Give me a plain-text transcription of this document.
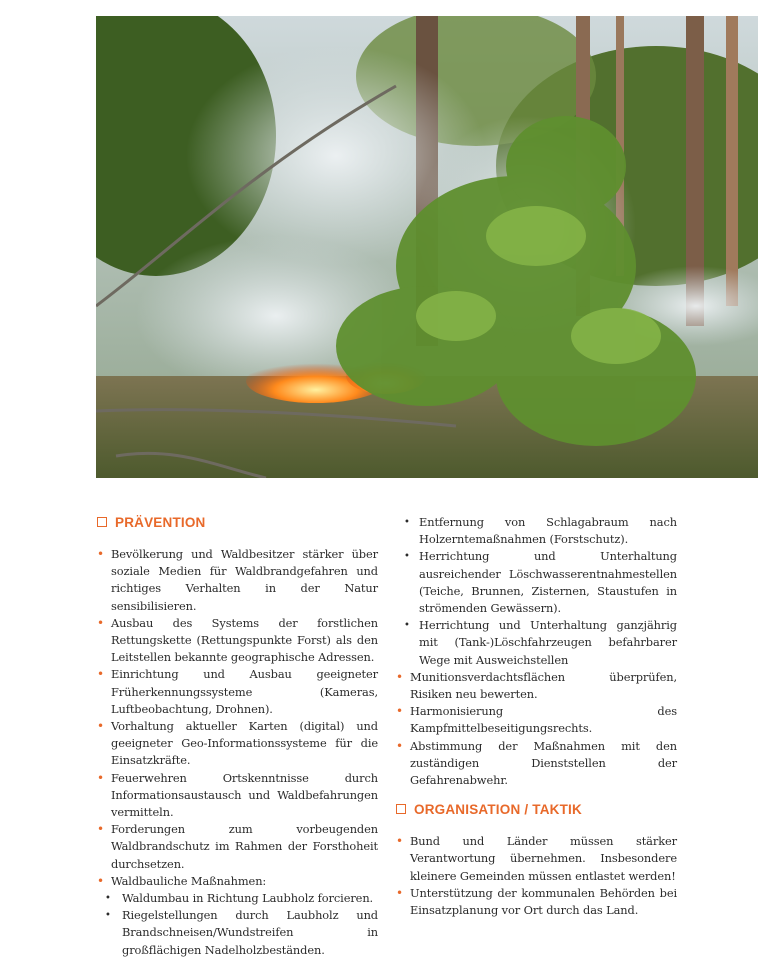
PRÄVENTION
• Bevölkerung und Waldbesitzer stärker über soziale Medien für Waldbrandgefahren und richtiges Verhalten in der Natur sensibilisieren.
• Ausbau des Systems der forstlichen Rettungskette (Rettungspunkte Forst) als den Leitstellen bekannte geographische Adressen.
• Einrichtung und Ausbau geeigneter Früherkennungssysteme (Kameras, Luftbeobachtung, Drohnen).
• Vorhaltung aktueller Karten (digital) und geeigneter Geo-Informationssysteme für die Einsatzkräfte.
• Feuerwehren Ortskenntnisse durch Informationsaustausch und Waldbefahrungen vermitteln.
• Forderungen zum vorbeugenden Waldbrandschutz im Rahmen der Forsthoheit durchsetzen.
• Waldbauliche Maßnahmen:
• Waldumbau in Richtung Laubholz forcieren.
• Riegelstellungen durch Laubholz und Brandschneisen/Wundstreifen in großflächigen Nadelholzbeständen.
• Entfernung von Schlagabraum nach Holzerntemaßnahmen (Forstschutz).
• Herrichtung und Unterhaltung ausreichender Löschwasserentnahmestellen (Teiche, Brunnen, Zisternen, Staustufen in strömenden Gewässern).
• Herrichtung und Unterhaltung ganzjährig mit (Tank-)Löschfahrzeugen befahrbarer Wege mit Ausweichstellen
• Munitionsverdachtsflächen überprüfen, Risiken neu bewerten.
• Harmonisierung des Kampfmittelbeseitigungsrechts.
• Abstimmung der Maßnahmen mit den zuständigen Dienststellen der Gefahrenabwehr.
ORGANISATION / TAKTIK
• Bund und Länder müssen stärker Verantwortung übernehmen. Insbesondere kleinere Gemeinden müssen entlastet werden!
• Unterstützung der kommunalen Behörden bei Einsatzplanung vor Ort durch das Land.
